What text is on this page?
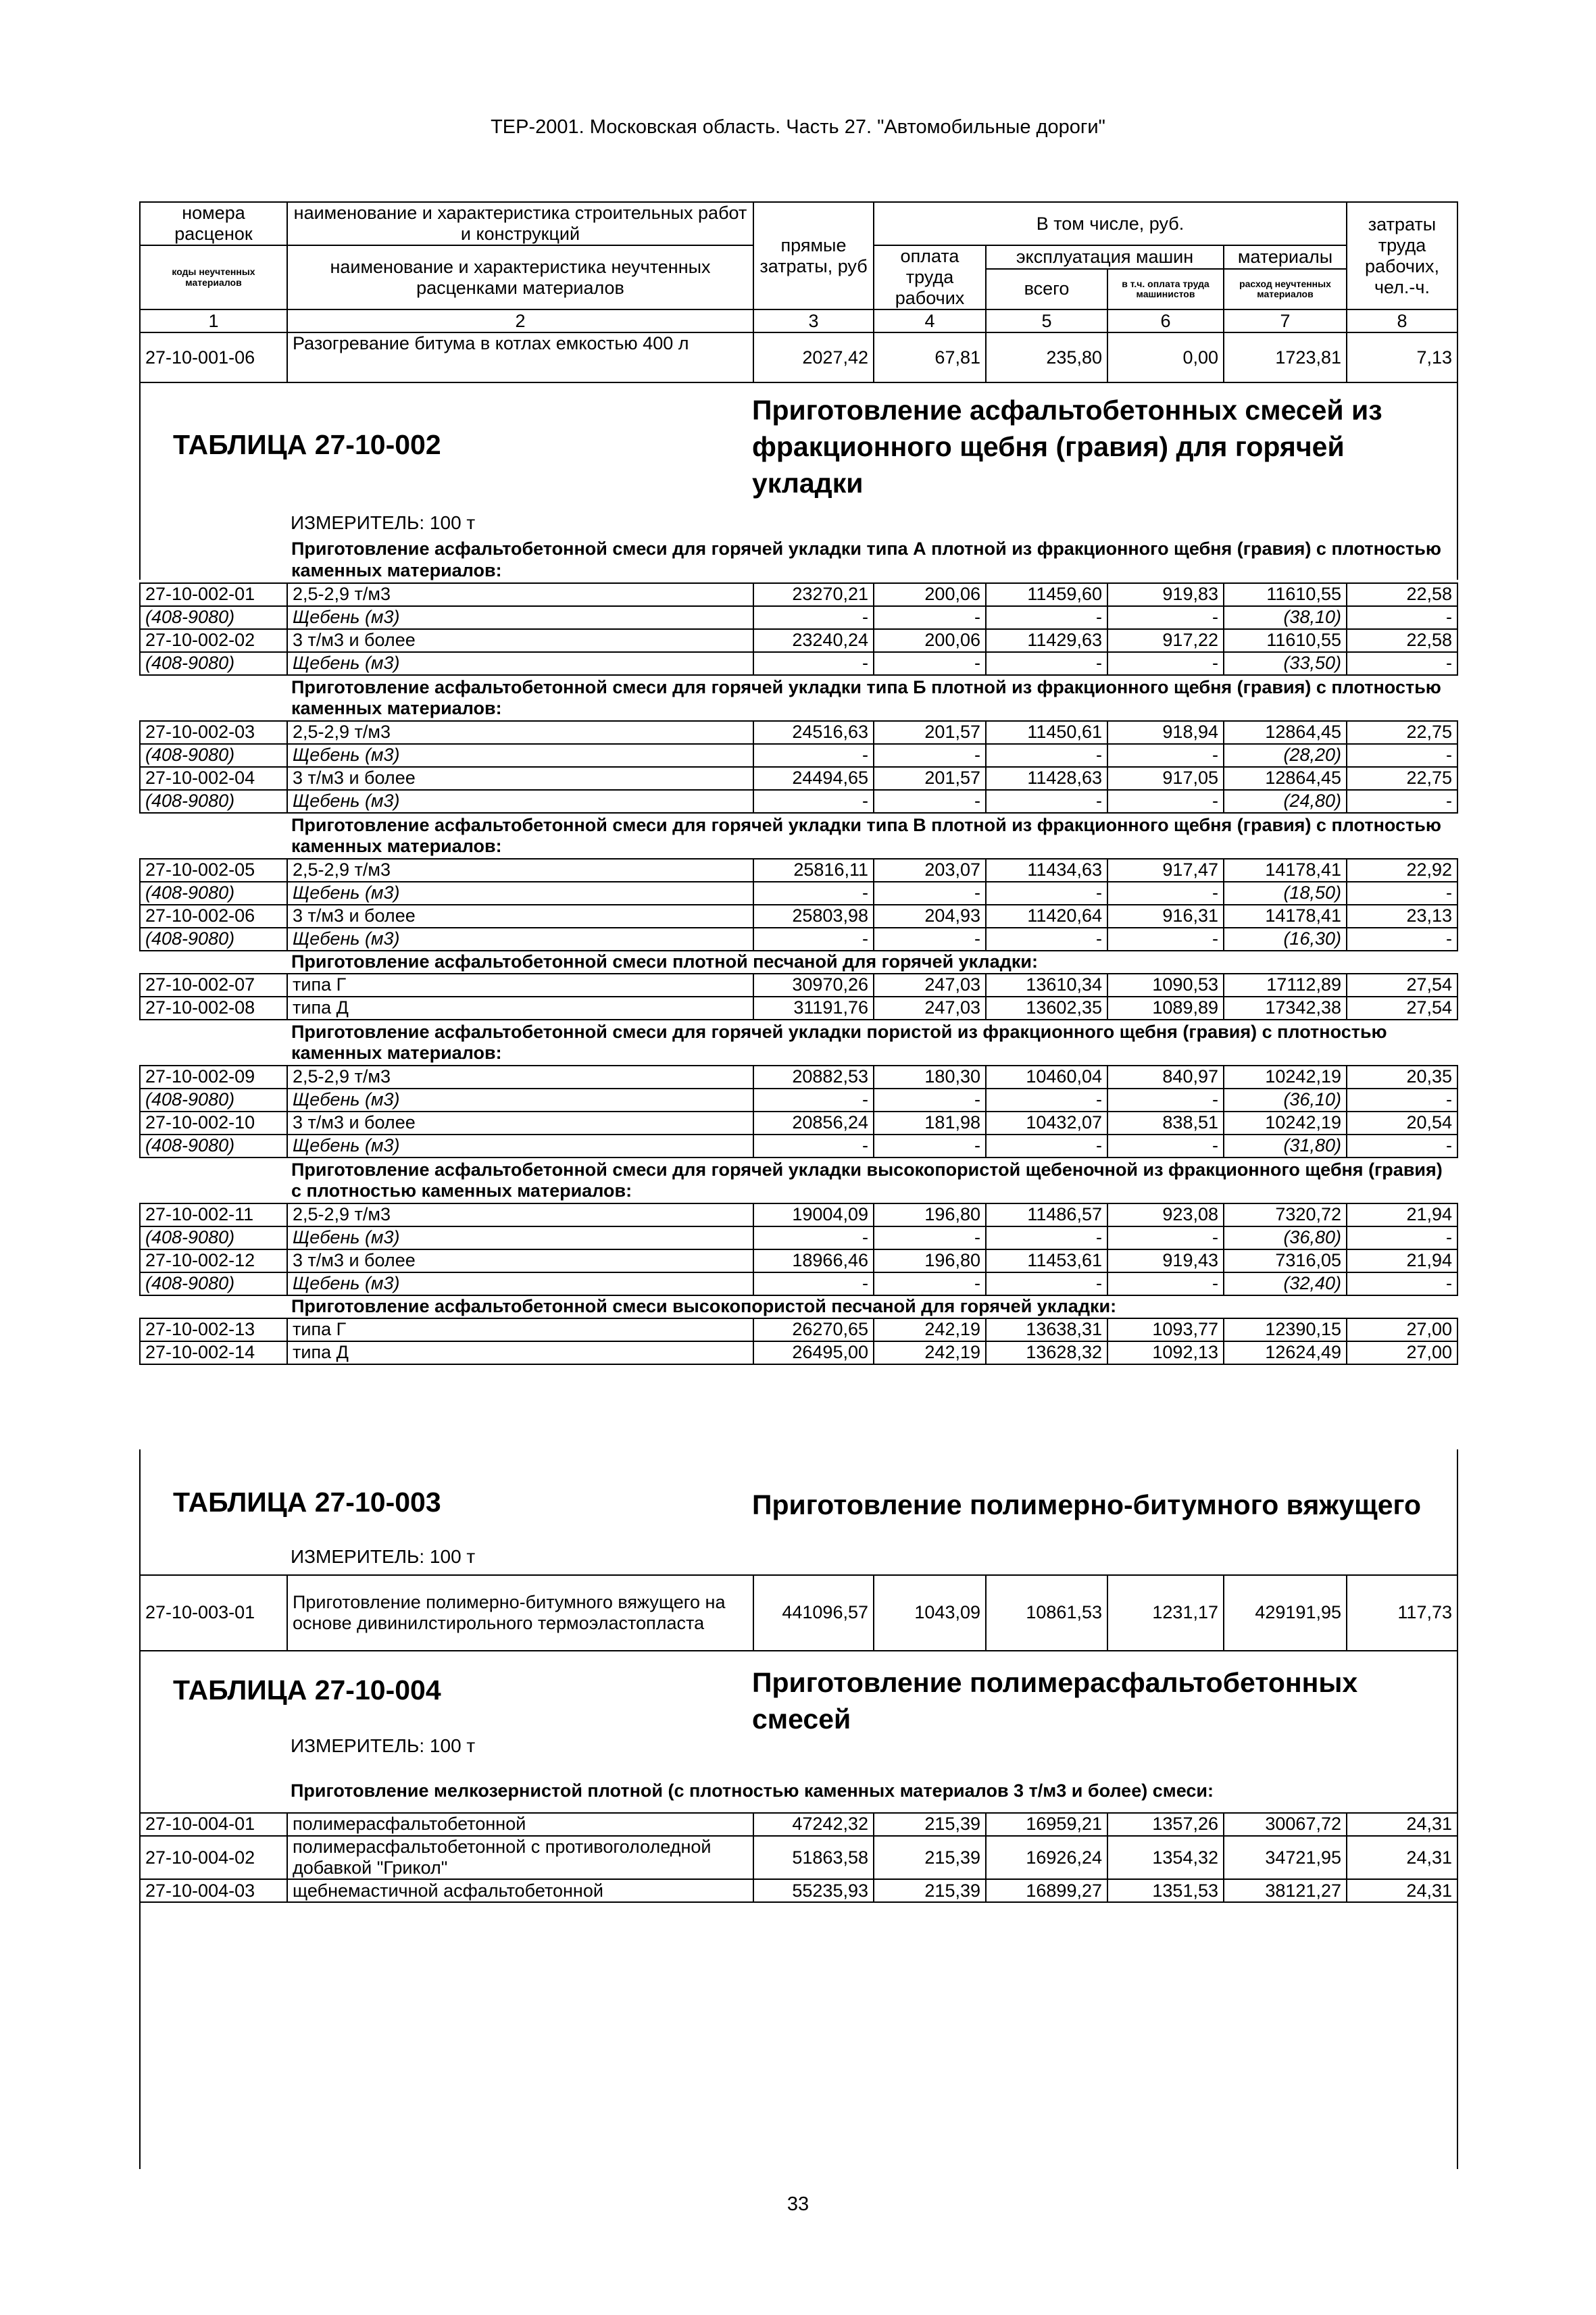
ТЕР-2001. Московская область. Часть 27. "Автомобильные дороги"
номера расценок	наименование и характеристика строительных работ и конструкций	прямые затраты, руб	В том числе, руб.				затраты труда рабочих, чел.-ч.
коды неучтенных материалов	наименование и характеристика неучтенных расценками материалов		оплата труда рабочих	эксплуатация машин		материалы	
				всего	в т.ч. оплата труда машинистов	расход неучтенных материалов	
1	2	3	4	5	6	7	8
27-10-001-06	Разогревание битума в котлах емкостью 400 л	2027,42	67,81	235,80	0,00	1723,81	7,13
ТАБЛИЦА 27-10-002
Приготовление асфальтобетонных смесей из фракционного щебня (гравия) для горячей укладки
ИЗМЕРИТЕЛЬ: 100 т
Приготовление асфальтобетонной смеси для горячей укладки типа А плотной из фракционного щебня (гравия) с плотностью каменных материалов:							
27-10-002-01	2,5-2,9 т/м3	23270,21	200,06	11459,60	919,83	11610,55	22,58
(408-9080)	Щебень (м3)	-	-	-	-	(38,10)	-
27-10-002-02	3 т/м3 и более	23240,24	200,06	11429,63	917,22	11610,55	22,58
(408-9080)	Щебень (м3)	-	-	-	-	(33,50)	-
Приготовление асфальтобетонной смеси для горячей укладки типа Б плотной из фракционного щебня (гравия) с плотностью каменных материалов:							
27-10-002-03	2,5-2,9 т/м3	24516,63	201,57	11450,61	918,94	12864,45	22,75
(408-9080)	Щебень (м3)	-	-	-	-	(28,20)	-
27-10-002-04	3 т/м3 и более	24494,65	201,57	11428,63	917,05	12864,45	22,75
(408-9080)	Щебень (м3)	-	-	-	-	(24,80)	-
Приготовление асфальтобетонной смеси для горячей укладки типа В плотной из фракционного щебня (гравия) с плотностью каменных материалов:							
27-10-002-05	2,5-2,9 т/м3	25816,11	203,07	11434,63	917,47	14178,41	22,92
(408-9080)	Щебень (м3)	-	-	-	-	(18,50)	-
27-10-002-06	3 т/м3 и более	25803,98	204,93	11420,64	916,31	14178,41	23,13
(408-9080)	Щебень (м3)	-	-	-	-	(16,30)	-
Приготовление асфальтобетонной смеси плотной песчаной для горячей укладки:							
27-10-002-07	типа Г	30970,26	247,03	13610,34	1090,53	17112,89	27,54
27-10-002-08	типа Д	31191,76	247,03	13602,35	1089,89	17342,38	27,54
Приготовление асфальтобетонной смеси для горячей укладки пористой из фракционного щебня (гравия) с плотностью каменных материалов:							
27-10-002-09	2,5-2,9 т/м3	20882,53	180,30	10460,04	840,97	10242,19	20,35
(408-9080)	Щебень (м3)	-	-	-	-	(36,10)	-
27-10-002-10	3 т/м3 и более	20856,24	181,98	10432,07	838,51	10242,19	20,54
(408-9080)	Щебень (м3)	-	-	-	-	(31,80)	-
Приготовление асфальтобетонной смеси для горячей укладки высокопористой щебеночной из фракционного щебня (гравия) с плотностью каменных материалов:							
27-10-002-11	2,5-2,9 т/м3	19004,09	196,80	11486,57	923,08	7320,72	21,94
(408-9080)	Щебень (м3)	-	-	-	-	(36,80)	-
27-10-002-12	3 т/м3 и более	18966,46	196,80	11453,61	919,43	7316,05	21,94
(408-9080)	Щебень (м3)	-	-	-	-	(32,40)	-
Приготовление асфальтобетонной смеси высокопористой песчаной для горячей укладки:							
27-10-002-13	типа Г	26270,65	242,19	13638,31	1093,77	12390,15	27,00
27-10-002-14	типа Д	26495,00	242,19	13628,32	1092,13	12624,49	27,00
ТАБЛИЦА 27-10-003	Приготовление полимерно-битумного вяжущего
ИЗМЕРИТЕЛЬ: 100 т
27-10-003-01	Приготовление полимерно-битумного вяжущего на основе дивинилстирольного термоэластопласта	441096,57	1043,09	10861,53	1231,17	429191,95	117,73
ТАБЛИЦА 27-10-004	Приготовление полимерасфальтобетонных смесей
ИЗМЕРИТЕЛЬ: 100 т
Приготовление мелкозернистой плотной (с плотностью каменных материалов 3 т/м3 и более) смеси:
27-10-004-01	полимерасфальтобетонной	47242,32	215,39	16959,21	1357,26	30067,72	24,31
27-10-004-02	полимерасфальтобетонной с противогололедной добавкой "Грикол"	51863,58	215,39	16926,24	1354,32	34721,95	24,31
27-10-004-03	щебнемастичной асфальтобетонной	55235,93	215,39	16899,27	1351,53	38121,27	24,31
33
